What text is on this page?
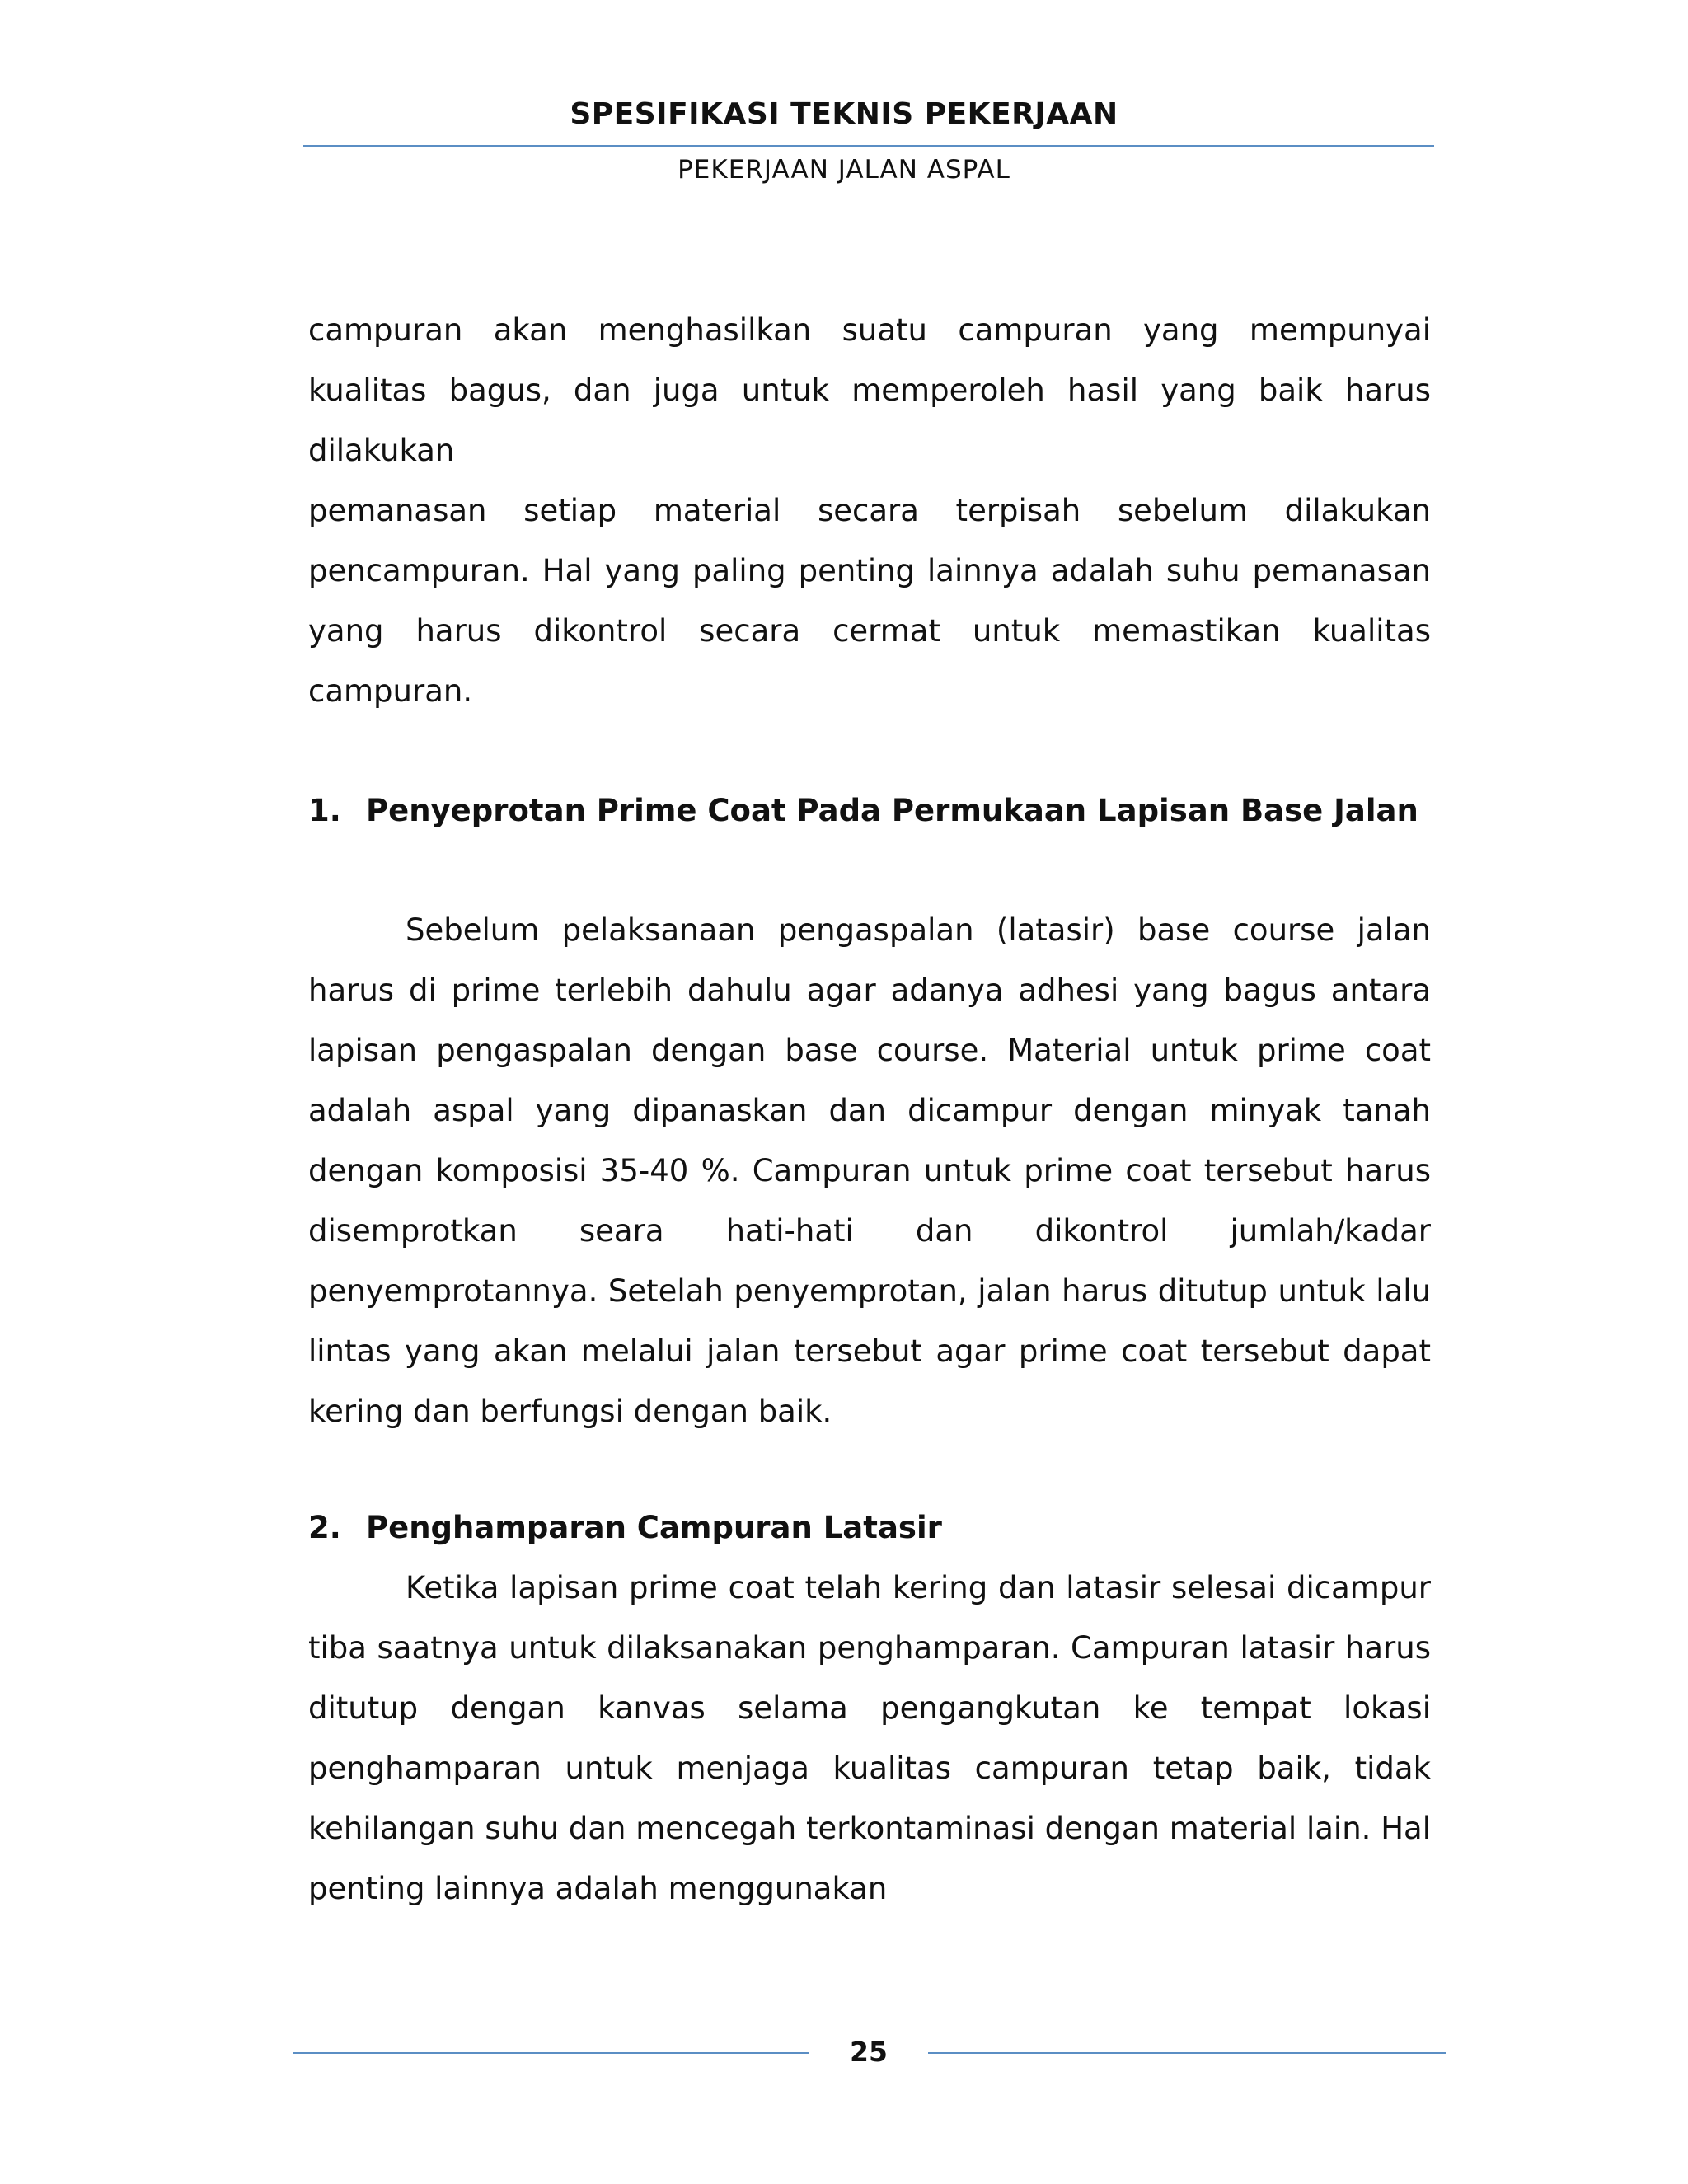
SPESIFIKASI TEKNIS PEKERJAAN
PEKERJAAN JALAN ASPAL

campuran akan menghasilkan suatu campuran yang mempunyai kualitas bagus, dan juga untuk memperoleh hasil yang baik harus dilakukan

pemanasan setiap material secara terpisah sebelum dilakukan pencampuran. Hal yang paling penting lainnya adalah suhu pemanasan yang harus dikontrol secara cermat untuk memastikan kualitas campuran.

1. Penyeprotan Prime Coat Pada Permukaan Lapisan Base Jalan

Sebelum pelaksanaan pengaspalan (latasir) base course jalan harus di prime terlebih dahulu agar adanya adhesi yang bagus antara lapisan pengaspalan dengan base course. Material untuk prime coat adalah aspal yang dipanaskan dan dicampur dengan minyak tanah dengan komposisi 35-40 %. Campuran untuk prime coat tersebut harus disemprotkan seara hati-hati dan dikontrol jumlah/kadar penyemprotannya. Setelah penyemprotan, jalan harus ditutup untuk lalu lintas yang akan melalui jalan tersebut agar prime coat tersebut dapat kering dan berfungsi dengan baik.

2. Penghamparan Campuran Latasir

Ketika lapisan prime coat telah kering dan latasir selesai dicampur tiba saatnya untuk dilaksanakan penghamparan. Campuran latasir harus ditutup dengan kanvas selama pengangkutan ke tempat lokasi penghamparan untuk menjaga kualitas campuran tetap baik, tidak kehilangan suhu dan mencegah terkontaminasi dengan material lain. Hal penting lainnya adalah menggunakan

25
